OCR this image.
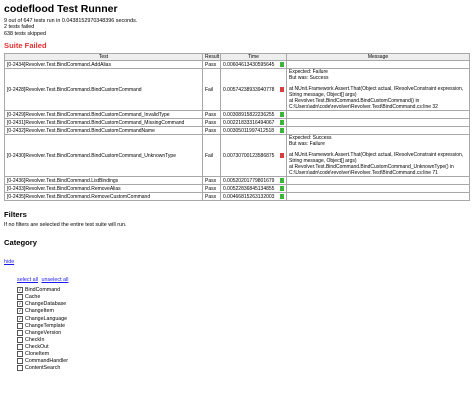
codeflood Test Runner
9 out of 647 tests run in 0.0438152970348396 seconds.
2 tests failed
638 tests skipped
Suite Failed
Test	Result	Time	Message
[0-2434]Revolver.Test.BindCommand.AddAlias	Pass	0.00604613430595645	

[0-2428]Revolver.Test.BindCommand.BindCustomCommand	Fail	0.00574238933940778	Expected: Failure

But was: Success

at NUnit.Framework.Assert.That(Object actual, IResolveConstraint expression, String message, Object[] args)

at Revolver.Test.BindCommand.BindCustomCommand() in C:\Users\adn\code\revolver\Revolver.Test\BindCommand.cs:line 32

[0-2429]Revolver.Test.BindCommand.BindCustomCommand_InvalidType	Pass	0.00308915822236255	

[0-2431]Revolver.Test.BindCommand.BindCustomCommand_MissingCommand	Pass	0.00221833316494067	

[0-2432]Revolver.Test.BindCommand.BindCustomCommandName	Pass	0.00305011997412518	

[0-2430]Revolver.Test.BindCommand.BindCustomCommand_UnknownType	Fail	0.00730700123586875	Expected: Success

But was: Failure

at NUnit.Framework.Assert.That(Object actual, IResolveConstraint expression, String message, Object[] args)

at Revolver.Test.BindCommand.BindCustomCommand_UnknownType() in C:\Users\adn\code\revolver\Revolver.Test\BindCommand.cs:line 71

[0-2436]Revolver.Test.BindCommand.ListBindings	Pass	0.00520201779801679	

[0-2433]Revolver.Test.BindCommand.RemoveAlias	Pass	0.00522836845134855	

[0-2435]Revolver.Test.BindCommand.RemoveCustomCommand	Pass	0.00466815263132003	

Filters
If no filters are selected the entire test suite will run.
Category
hide
select all unselect all
✓ BindCommand
Cache
✓ ChangeDatabase
✓ ChangeItem
✓ ChangeLanguage
ChangeTemplate
ChangeVersion
CheckIn
CheckOut
CloneItem
CommandHandler
ContentSearch
